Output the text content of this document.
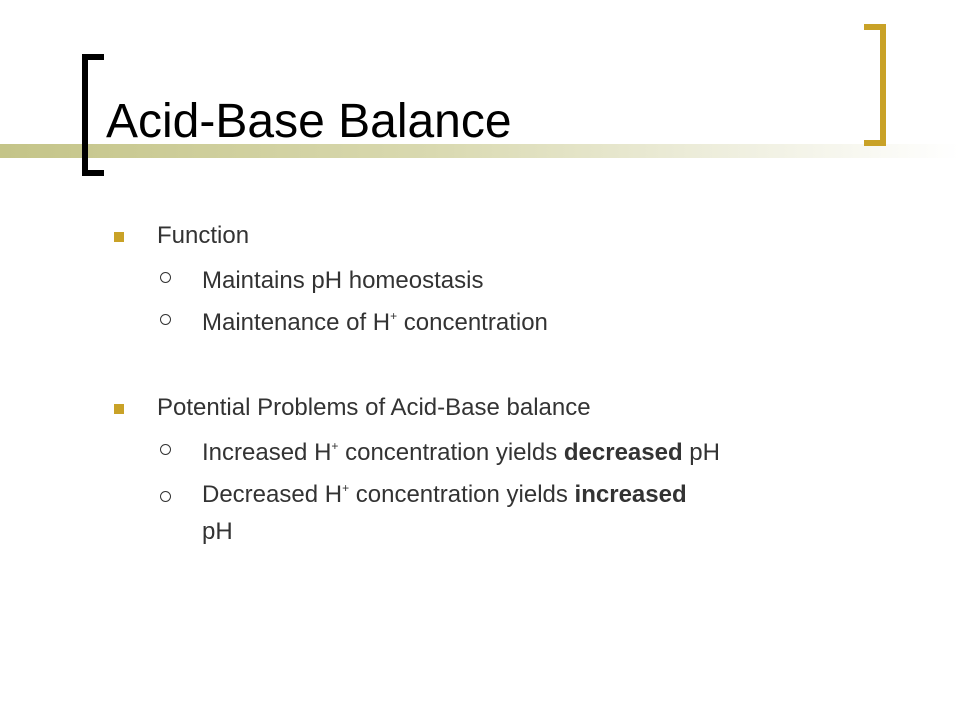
Acid-Base Balance
Function
Maintains pH homeostasis
Maintenance of H+ concentration
Potential Problems of Acid-Base balance
Increased H+ concentration yields decreased pH
Decreased H+ concentration yields increased
pH
